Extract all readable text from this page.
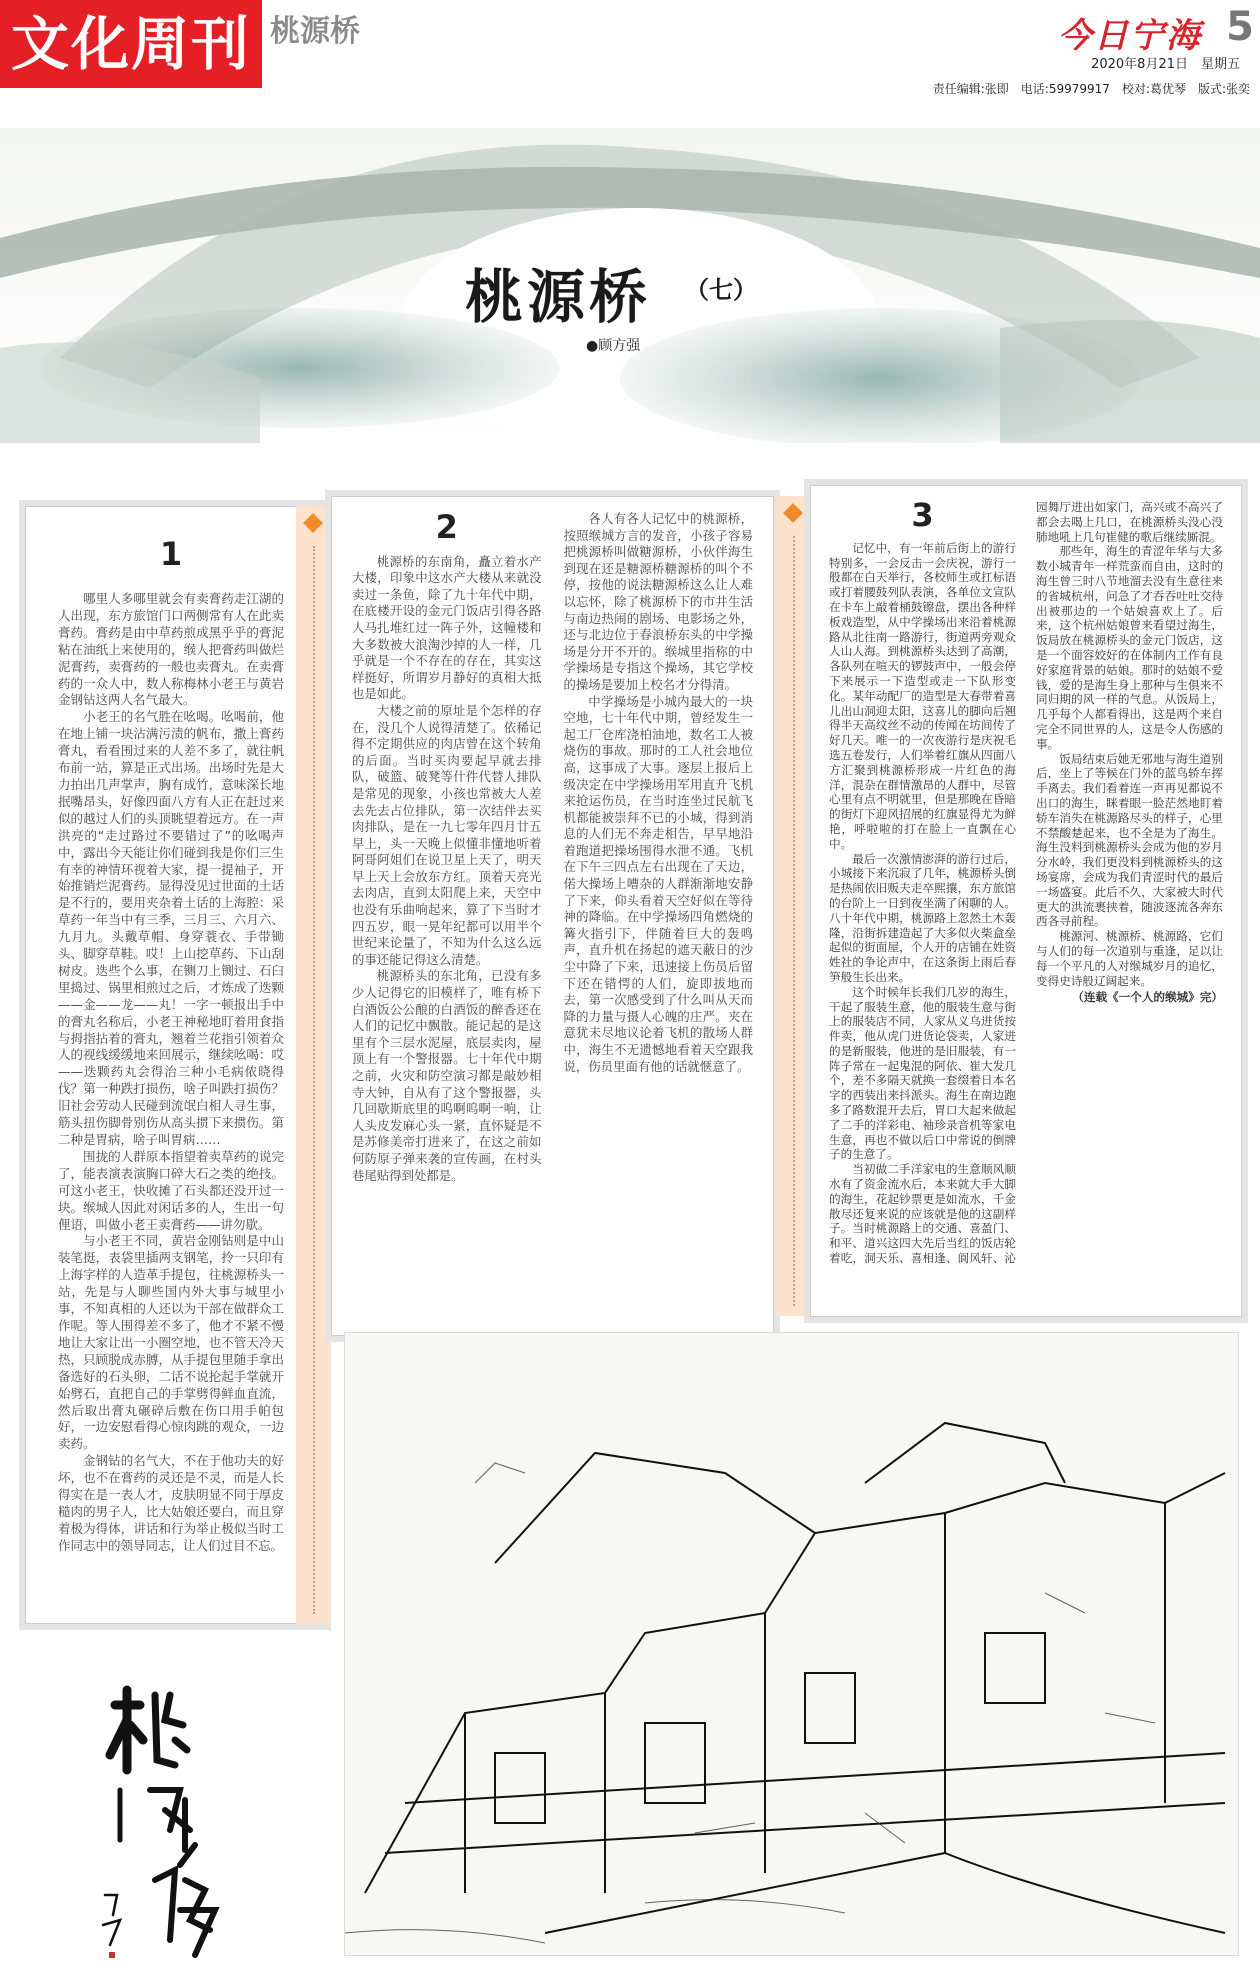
文化周刊 桃源桥	今日宁海 5
2020年8月21日　星期五
责任编辑:张即　电话:59979917　校对:葛优琴　版式:张奕
桃源桥 （七）
●顾方强
1

哪里人多哪里就会有卖膏药走江湖的人出现，东方旅馆门口两侧常有人在此卖膏药。膏药是由中草药煎成黑乎乎的膏泥粘在油纸上来使用的，缑人把膏药叫做烂泥膏药，卖膏药的一般也卖膏丸。在卖膏药的一众人中，数人称梅林小老王与黄岩金钢钻这两人名气最大。

小老王的名气胜在吆喝。吆喝前，他在地上铺一块沾满污渍的帆布，撒上膏药膏丸，看看围过来的人差不多了，就往帆布前一站，算是正式出场。出场时先是大力拍出几声掌声，胸有成竹，意味深长地抿嘴昂头，好像四面八方有人正在赶过来似的越过人们的头顶眺望着远方。在一声洪亮的“走过路过不要错过了”的吆喝声中，露出今天能让你们碰到我是你们三生有幸的神情环视着大家，提一提袖子，开始推销烂泥膏药。显得没见过世面的土话是不行的，要用夹杂着土话的上海腔：采草药一年当中有三季，三月三、六月六、九月九。头戴草帽、身穿蓑衣、手带锄头、脚穿草鞋。哎！上山挖草药、下山刮树皮。迭些个么事，在铡刀上铡过、石臼里捣过、锅里相煎过之后，才炼成了迭颗——金——龙——丸！一字一顿报出手中的膏丸名称后，小老王神秘地盯着用食指与拇指拈着的膏丸，翘着兰花指引领着众人的视线缓缓地来回展示，继续吆喝：哎——迭颗药丸会得治三种小毛病侬晓得伐？第一种跌打损伤，啥子叫跌打损伤？旧社会劳动人民碰到流氓白相人寻生事，筋头扭伤脚骨别伤从高头掼下来掼伤。第二种是胃病，啥子叫胃病……

围拢的人群原本指望着卖草药的说完了，能表演表演胸口碎大石之类的绝技。可这小老王，快收摊了石头都还没开过一块。缑城人因此对闲话多的人，生出一句俚语，叫做小老王卖膏药——讲勿歇。

与小老王不同，黄岩金刚钻则是中山装笔挺，表袋里插两支钢笔，拎一只印有上海字样的人造革手提包，往桃源桥头一站，先是与人聊些国内外大事与城里小事，不知真相的人还以为干部在做群众工作呢。等人围得差不多了，他才不紧不慢地让大家让出一小圈空地，也不管天冷天热，只顾脱成赤膊，从手提包里随手拿出备选好的石头卵，二话不说抡起手掌就开始劈石，直把自己的手掌劈得鲜血直流，然后取出膏丸碾碎后敷在伤口用手帕包好，一边安慰看得心惊肉跳的观众，一边卖药。

金钢钻的名气大，不在于他功夫的好坏，也不在膏药的灵还是不灵，而是人长得实在是一表人才，皮肤明显不同于厚皮糙肉的男子人，比大姑娘还要白，而且穿着极为得体，讲话和行为举止极似当时工作同志中的领导同志，让人们过目不忘。

2

桃源桥的东南角，矗立着水产大楼，印象中这水产大楼从来就没卖过一条鱼，除了九十年代中期，在底楼开设的金元门饭店引得各路人马扎堆红过一阵子外，这幢楼和大多数被大浪淘沙掉的人一样，几乎就是一个不存在的存在，其实这样挺好，所谓岁月静好的真相大抵也是如此。

大楼之前的原址是个怎样的存在，没几个人说得清楚了。依稀记得不定期供应的肉店曾在这个转角的后面。当时买肉要起早就去排队，破篮、破凳等什件代替人排队是常见的现象，小孩也常被大人差去先去占位排队，第一次结伴去买肉排队，是在一九七零年四月廿五早上，头一天晚上似懂非懂地听着阿哥阿姐们在说卫星上天了，明天早上天上会放东方红。顶着天亮光去肉店，直到太阳爬上来，天空中也没有乐曲响起来，算了下当时才四五岁，眼一晃年纪都可以用半个世纪来论量了，不知为什么这么远的事还能记得这么清楚。

桃源桥头的东北角，已没有多少人记得它的旧模样了，唯有桥下白酒饭公公酿的白酒饭的醉香还在人们的记忆中飘散。能记起的是这里有个三层水泥屋，底层卖肉，屋顶上有一个警报器。七十年代中期之前，火灾和防空演习都是敲妙相寺大钟，自从有了这个警报器，头几回歇斯底里的呜啊呜啊一响，让人头皮发麻心头一紧，直怀疑是不是苏修美帝打进来了，在这之前如何防原子弹来袭的宣传画，在村头巷尾贴得到处都是。

各人有各人记忆中的桃源桥，按照缑城方言的发音，小孩子容易把桃源桥叫做糖源桥，小伙伴海生到现在还是糖源桥糖源桥的叫个不停，按他的说法糖源桥这么让人难以忘怀，除了桃源桥下的市井生活与南边热闹的剧场、电影场之外，还与北边位于春浪桥东头的中学操场是分开不开的。缑城里指称的中学操场是专指这个操场，其它学校的操场是要加上校名才分得清。

中学操场是小城内最大的一块空地，七十年代中期，曾经发生一起工厂仓库浇柏油地，数名工人被烧伤的事故。那时的工人社会地位高，这事成了大事。逐层上报后上级决定在中学操场用军用直升飞机来抢运伤员，在当时连坐过民航飞机都能被崇拜不已的小城，得到消息的人们无不奔走相告，早早地沿着跑道把操场围得水泄不通。飞机在下午三四点左右出现在了天边，偌大操场上嘈杂的人群渐渐地安静了下来，仰头看着天空好似在等待神的降临。在中学操场四角燃烧的篝火指引下，伴随着巨大的轰鸣声，直升机在扬起的遮天蔽日的沙尘中降了下来，迅速接上伤员后留下还在错愕的人们，旋即拔地而去，第一次感受到了什么叫从天而降的力量与摄人心魄的庄严。夹在意犹未尽地议论着飞机的散场人群中，海生不无遗憾地看着天空跟我说，伤员里面有他的话就惬意了。

3

记忆中，有一年前后街上的游行特别多，一会反击一会庆祝，游行一般都在白天举行，各校师生或扛标语或打着腰鼓列队表演，各单位文宣队在卡车上敲着桶鼓镲盘，摆出各种样板戏造型，从中学操场出来沿着桃源路从北往南一路游行，街道两旁观众人山人海。到桃源桥头达到了高潮，各队列在喧天的锣鼓声中，一般会停下来展示一下造型或走一下队形变化。某年动配厂的造型是大春带着喜儿出山洞迎太阳，这喜儿的脚向后翘得半天高纹丝不动的传闻在坊间传了好几天。唯一的一次夜游行是庆祝毛选五卷发行，人们举着红旗从四面八方汇聚到桃源桥形成一片红色的海洋，混杂在群情激昂的人群中，尽管心里有点不明就里，但是那晚在昏暗的街灯下迎风招展的红旗显得尤为鲜艳，呼啦啦的打在脸上一直飘在心中。

最后一次激情澎湃的游行过后，小城接下来沉寂了几年，桃源桥头倒是热闹依旧贩夫走卒熙攘，东方旅馆的台阶上一日到夜坐满了闲聊的人。八十年代中期，桃源路上忽然土木轰隆，沿街拆建造起了大多似火柴盒垒起似的街面屋，个人开的店铺在姓资姓社的争论声中，在这条街上雨后春笋般生长出来。

这个时候年长我们几岁的海生，干起了服装生意，他的服装生意与街上的服装店不同，人家从义乌进货按件卖，他从虎门进货论袋卖，人家进的是新服装，他进的是旧服装，有一阵子常在一起鬼混的阿依、崔大发几个，差不多隔天就换一套缀着日本名字的西装出来抖派头。海生在南边跑多了路数混开去后，胃口大起来做起了二手的洋彩电、袖珍录音机等家电生意，再也不做以后口中常说的倒牌子的生意了。

当初做二手洋家电的生意顺风顺水有了资金流水后，本来就大手大脚的海生，花起钞票更是如流水，千金散尽还复来说的应该就是他的这副样子。当时桃源路上的交通、喜盈门、和平、道兴这四大先后当红的饭店轮着吃，洞天乐、喜相逢、阆风轩、沁园舞厅进出如家门，高兴或不高兴了都会去喝上几口，在桃源桥头没心没肺地吼上几句崔健的歌后继续厮混。

那些年，海生的青涩年华与大多数小城青年一样荒蛮而自由，这时的海生曾三时八节地溜去没有生意往来的省城杭州，问急了才吞吞吐吐交待出被那边的一个姑娘喜欢上了。后来，这个杭州姑娘曾来看望过海生，饭局放在桃源桥头的金元门饭店，这是一个面容姣好的在体制内工作有良好家庭背景的姑娘。那时的姑娘不爱钱，爱的是海生身上那种与生俱来不同归期的风一样的气息。从饭局上，几乎每个人都看得出，这是两个来自完全不同世界的人，这是令人伤感的事。

饭局结束后她无邪地与海生道别后，坐上了等候在门外的蓝鸟轿车挥手离去。我们看着连一声再见都说不出口的海生，眯着眼一脸茫然地盯着轿车消失在桃源路尽头的样子，心里不禁酸楚起来，也不全是为了海生。海生没料到桃源桥头会成为他的岁月分水岭，我们更没料到桃源桥头的这场宴席，会成为我们青涩时代的最后一场盛宴。此后不久，大家被大时代更大的洪流裹挟着，随波逐流各奔东西各寻前程。

桃源河、桃源桥、桃源路，它们与人们的每一次道别与重逢，足以让每一个平凡的人对缑城岁月的追忆，变得史诗般辽阔起来。

（连载《一个人的缑城》完）
